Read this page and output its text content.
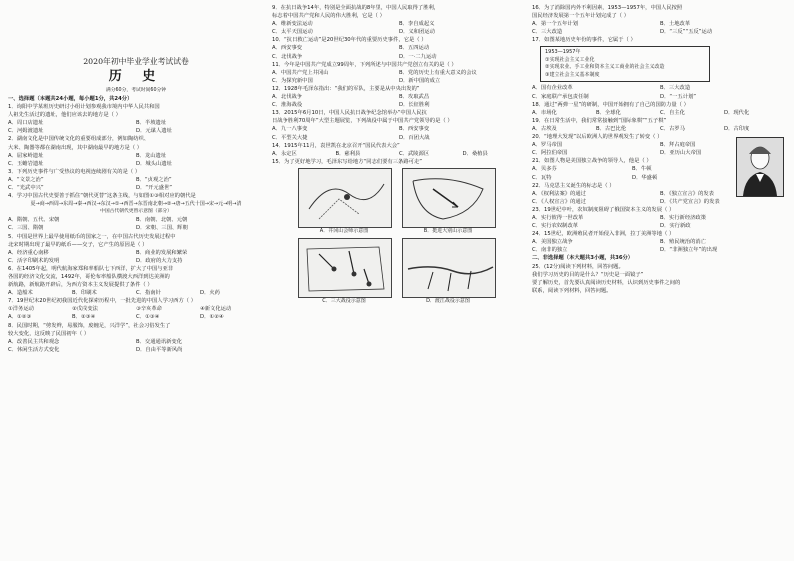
2020年初中毕业学业考试试卷
历 史
满分60分，考试时间60分钟
一、选择题（本题共24小题，每小题1分，共24分）
1．询阳中学某班历史研讨小组计划参观我市境内中华人民共和国
人祖先生活过的遗址，他们应该去的地方是（ ）
A．周口店遗址	B．半坡遗址
C．河姆渡遗址	D．元谋人遗址
2．湖南文化是中国传统文化的重要组成部分，例如陶纺织、
大米、陶器等都在湖南出现，其中湖南最早的地方是（ ）
A．屈家岭遗址	B．龙山遗址
C．玉蟾岩遗址	D．城头山遗址
3．下列历史事件与广受热议的电视连续剧有关的是（ ）
A．“文景之治”	B．“贞观之治”
C．“光武中兴”	D．“开元盛世”
4．学习中国古代史要善于抓住“朝代更替”这条主线，与如图①③相对应的朝代是
夏→商→西周→东周→秦→西汉→东汉→①→西晋→东晋南北朝→②→唐→五代十国→宋→元→明→清
中国古代朝代更替示意图（部分）
A．隋朝、五代、宋朝	B．南朝、北朝、元朝
C．三国、隋朝	D．宋朝、三国、辉朝
5．中国是世界上最早使用纸币的国家之一，在中国古代历史发展过程中
北宋时期出现了最早的纸币——交子，它产生的原因是（ ）
A．经济重心南移	B．商业的发展和繁荣
C．活字印刷术的发明	D．政府的大力支持
6．在1405年起，明代航海家郑和率船队七下西洋，扩大了中国与亚非
各国的经济文化交流，1492年，哥伦布率船队横渡大西洋到达美洲的
新航路，新航路开辟后，为西方资本主义发展提供了条件（ ）
A．造船术	B．印刷术	C．指南针	D．火药
7．19世纪末20世纪初我国近代化探索历程中，一批先进的中国人学习西方（ ）
①洋务运动	②戊戌变法	③辛亥革命	④新文化运动
A．①②③	B．②③④	C．①③④	D．①②④
8．民国时期，“剪发辫，易服饰，废缠足，兴洋学”，社会习俗发生了
较大变化，这反映了民国初年（ ）
A．改善民主共和观念	B．交通通讯新变化
C．休闲生活方式变化	D．自由平等新风尚
9．在抗日战争14年，特别是全面抗战的8年里，中国人民取得了胜利，
标志着中国共产党和人民的伟大胜利，它是（ ）
A．维新变法运动	B．李自成起义
C．太平天国运动	D．义和团运动
10．“抗日救亡运动”是20世纪30年代的重要历史事件，它是（ ）
A．西安事变	B．五四运动
C．北伐战争	D．一·二九运动
11．今年是中国共产党成立99周年，下列所述与中国共产党创立有关的是（ ）
A．中国共产党上井冈山	B．党的历史上有重大意义的会议
C．为探究新中国	D．新中国的成立
12．1928年毛泽东指出：“我们的军队，主要是从中央出发的”
A．北伐战争	B．攻取武昌
C．淮海战役	D．长征胜利
13．2015年6月10日，中国人民抗日战争纪念馆举办“中国人民抗
日战争胜利70周年”大型主题展览，下列战役中属于中国共产党领导的是（ ）
A．九一八事变	B．西安事变
C．平型关大捷	D．百团大战
14．1915年11月，袁世凯在北京召开“国民代表大会”
A．永定区	B．慈利县	C．武陵源区	D．桑植县
15．为了更好地学习，毛泽东写给地方“同志们要有三条路可走”
A．井冈山会师示意图	B．挺进大别山示意图
C．三大战役示意图	D．渡江战役示意图
16．为了消除国内外不利因素，1953—1957年，中国人民按照
国民经济发展第一个五年计划完成了（ ）
A．第一个五年计划	B．土地改革
C．三大改造	D．“三反”“五反”运动
17．如图某地历史年份的事件，它属于（ ）
1953—1957年
①实现社会主义工业化
②实现农业、手工业和资本主义工商业的社会主义改造
③建立社会主义基本制度
A．国有企业改革	B．三大改造
C．家庭联产承包责任制	D．“一五计划”
18．通过“两弹一星”的研制，中国开始拥有了自己的国防力量（ ）
A．市场化	B．全球化	C．自主化	D．现代化
19．在日常生活中，我们常常接触到“国际象棋”“五子棋”
A．古埃及	B．古巴比伦	C．古罗马	D．古印度
20．“地理大发现”以后欧洲人的世界观发生了转变（ ）
A．罗马帝国	B．拜占庭帝国
C．阿拉伯帝国	D．亚历山大帝国
21．如图人物是美国独立战争的领导人，他是（ ）
A．贝多芬	B．牛顿
C．瓦特	D．华盛顿
22．马克思主义诞生的标志是（ ）
A．《权利法案》的通过	B．《独立宣言》的发表
C．《人权宣言》的通过	D．《共产党宣言》的发表
23．19世纪中叶，农奴制度阻碍了俄国资本主义的发展（ ）
A．实行彼得一世改革	B．实行新经济政策
C．实行农奴制改革	D．实行新政
24．15世纪，欧洲殖民者开始侵入非洲，拉丁美洲等地（ ）
A．美国独立战争	B．殖民统治的消亡
C．南非的独立	D．“非洲独立年”的出现
二、非选择题（本大题共3小题，共36分）
25．(12分)阅读下列材料，回答问题。
我们学习历史的目的是什么？“历史是一面镜子”
要了解历史，首先要认真阅读历史材料，认识到历史事件之间的
联系，阅读下列材料，回答问题。
